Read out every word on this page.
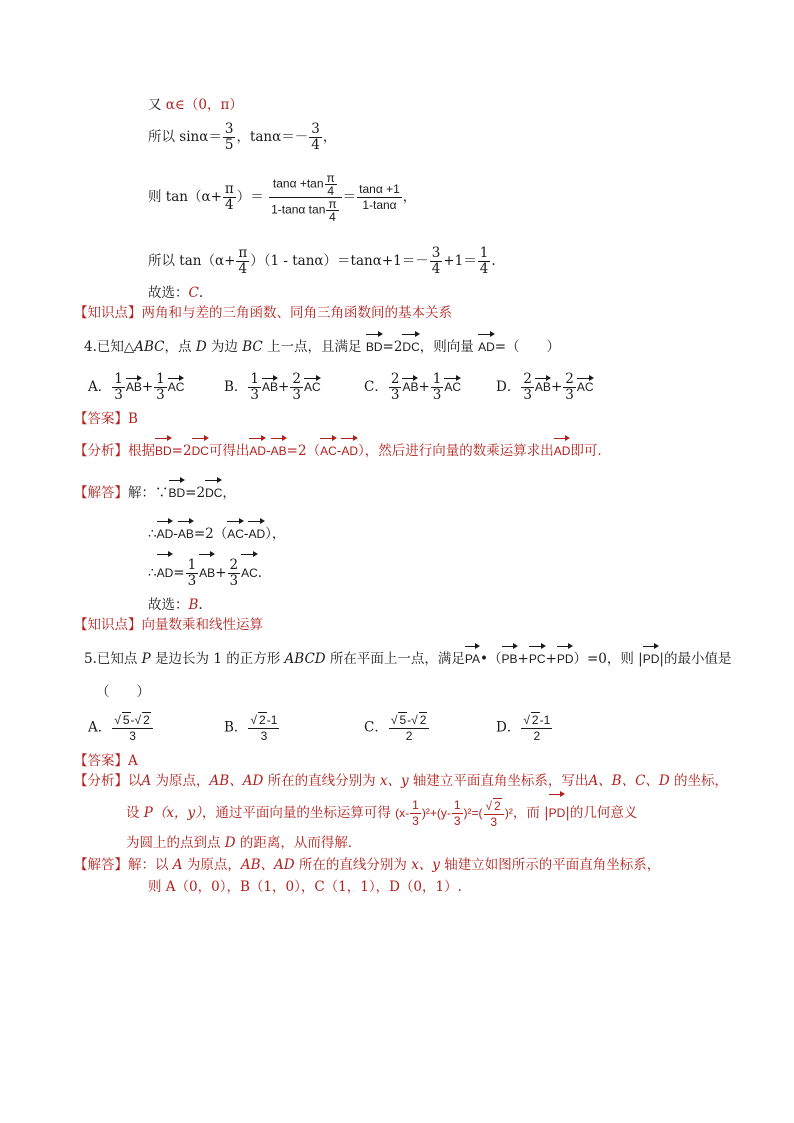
又 α∈（0，π）
所以 $\sin\alpha= \frac{3}{5}$ ，$\tan\alpha=- \frac{3}{4}$ ，
则 $\tan(\alpha+ \frac{\pi}{4}$ ）＝ $\frac{\tan\alpha +\tan \frac{\pi}{4}}{1-\tan\alpha \tan \frac{\pi}{4}} = \frac{\tan\alpha +1}{1-\tan\alpha}$ ，
所以 $\tan(\alpha+ \frac{\pi}{4} )(1 - \tan\alpha)=\tan\alpha+1=- \frac{3}{4} +1= \frac{1}{4}$ .
故选：C.
【知识点】两角和与差的三角函数、同角三角函数间的基本关系
4.已知△ABC，点 D 为边 BC 上一点，且满足 BD=2DC，则向量 AD=（　　）
A． $\frac{1}{3} AB+ \frac{1}{3}$ AC	B． $\frac{1}{3} AB+ \frac{2}{3}$ AC	C． $\frac{2}{3} AB+ \frac{1}{3}$ AC	D． $\frac{2}{3} AB+ \frac{2}{3}$ AC
【答案】B
【分析】根据BD=2DC可得出AD-AB=2（AC-AD），然后进行向量的数乘运算求出AD即可．
【解答】解：∵BD=2DC，
∴AD-AB=2（AC-AD），
∴AD= $\frac{1}{3} AB+ \frac{2}{3}$ AC．
故选：B.
【知识点】向量数乘和线性运算
5.已知点 P 是边长为 1 的正方形 ABCD 所在平面上一点，满足PA•（PB+PC+PD）=0，则 |PD|的最小值是
（　　）
A． $\frac{√ 5-√ 2}{3}$	B． $\frac{√ 2-1}{3}$	C． $\frac{√ 5-√ 2}{2}$	D． $\frac{√ 2-1}{2}$
【答案】A
【分析】以A 为原点，AB、AD 所在的直线分别为 x、y 轴建立平面直角坐标系，写出A、B、C、D 的坐标，
设 P（x，y），通过平面向量的坐标运算可得 $(x- \frac{1}{3} )^2+(y- \frac{1}{3} )^2=( \frac{√ 2}{3} )^2$，而 |PD|的几何意义
为圆上的点到点 D 的距离，从而得解．
【解答】解：以 A 为原点，AB、AD 所在的直线分别为 x、y 轴建立如图所示的平面直角坐标系，
则 A（0，0），B（1，0），C（1，1），D（0，1）.
